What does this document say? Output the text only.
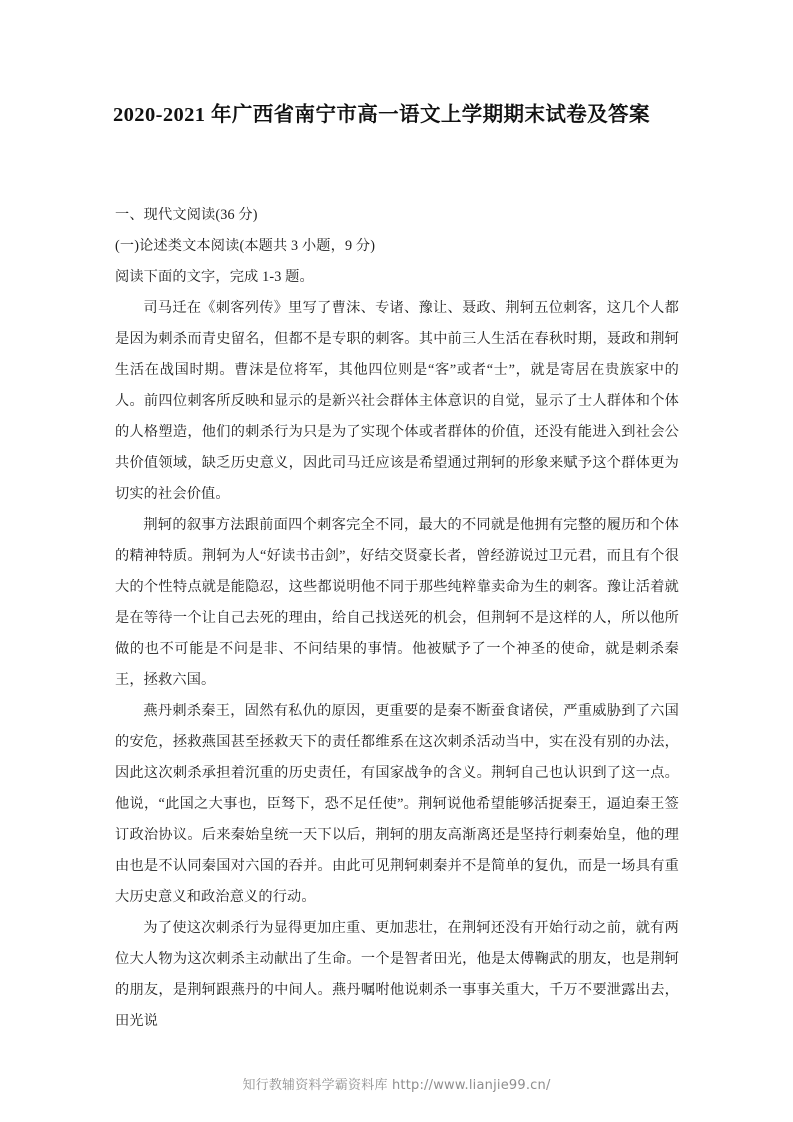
2020-2021 年广西省南宁市高一语文上学期期末试卷及答案

一、现代文阅读(36 分)

(一)论述类文本阅读(本题共 3 小题，9 分)

阅读下面的文字，完成 1-3 题。

司马迁在《刺客列传》里写了曹沫、专诸、豫让、聂政、荆轲五位刺客，这几个人都是因为刺杀而青史留名，但都不是专职的刺客。其中前三人生活在春秋时期，聂政和荆轲生活在战国时期。曹沫是位将军，其他四位则是“客”或者“士”，就是寄居在贵族家中的人。前四位刺客所反映和显示的是新兴社会群体主体意识的自觉，显示了士人群体和个体的人格塑造，他们的刺杀行为只是为了实现个体或者群体的价值，还没有能进入到社会公共价值领域，缺乏历史意义，因此司马迁应该是希望通过荆轲的形象来赋予这个群体更为切实的社会价值。

荆轲的叙事方法跟前面四个刺客完全不同，最大的不同就是他拥有完整的履历和个体的精神特质。荆轲为人“好读书击剑”，好结交贤豪长者，曾经游说过卫元君，而且有个很大的个性特点就是能隐忍，这些都说明他不同于那些纯粹靠卖命为生的刺客。豫让活着就是在等待一个让自己去死的理由，给自己找送死的机会，但荆轲不是这样的人，所以他所做的也不可能是不问是非、不问结果的事情。他被赋予了一个神圣的使命，就是刺杀秦王，拯救六国。

燕丹刺杀秦王，固然有私仇的原因，更重要的是秦不断蚕食诸侯，严重威胁到了六国的安危，拯救燕国甚至拯救天下的责任都维系在这次刺杀活动当中，实在没有别的办法，因此这次刺杀承担着沉重的历史责任，有国家战争的含义。荆轲自己也认识到了这一点。他说，“此国之大事也，臣驽下，恐不足任使”。荆轲说他希望能够活捉秦王，逼迫秦王签订政治协议。后来秦始皇统一天下以后，荆轲的朋友高渐离还是坚持行刺秦始皇，他的理由也是不认同秦国对六国的吞并。由此可见荆轲刺秦并不是简单的复仇，而是一场具有重大历史意义和政治意义的行动。

为了使这次刺杀行为显得更加庄重、更加悲壮，在荆轲还没有开始行动之前，就有两位大人物为这次刺杀主动献出了生命。一个是智者田光，他是太傅鞠武的朋友，也是荆轲的朋友，是荆轲跟燕丹的中间人。燕丹嘱咐他说刺杀一事事关重大，千万不要泄露出去，田光说

知行教辅资料学霸资料库 http://www.lianjie99.cn/
